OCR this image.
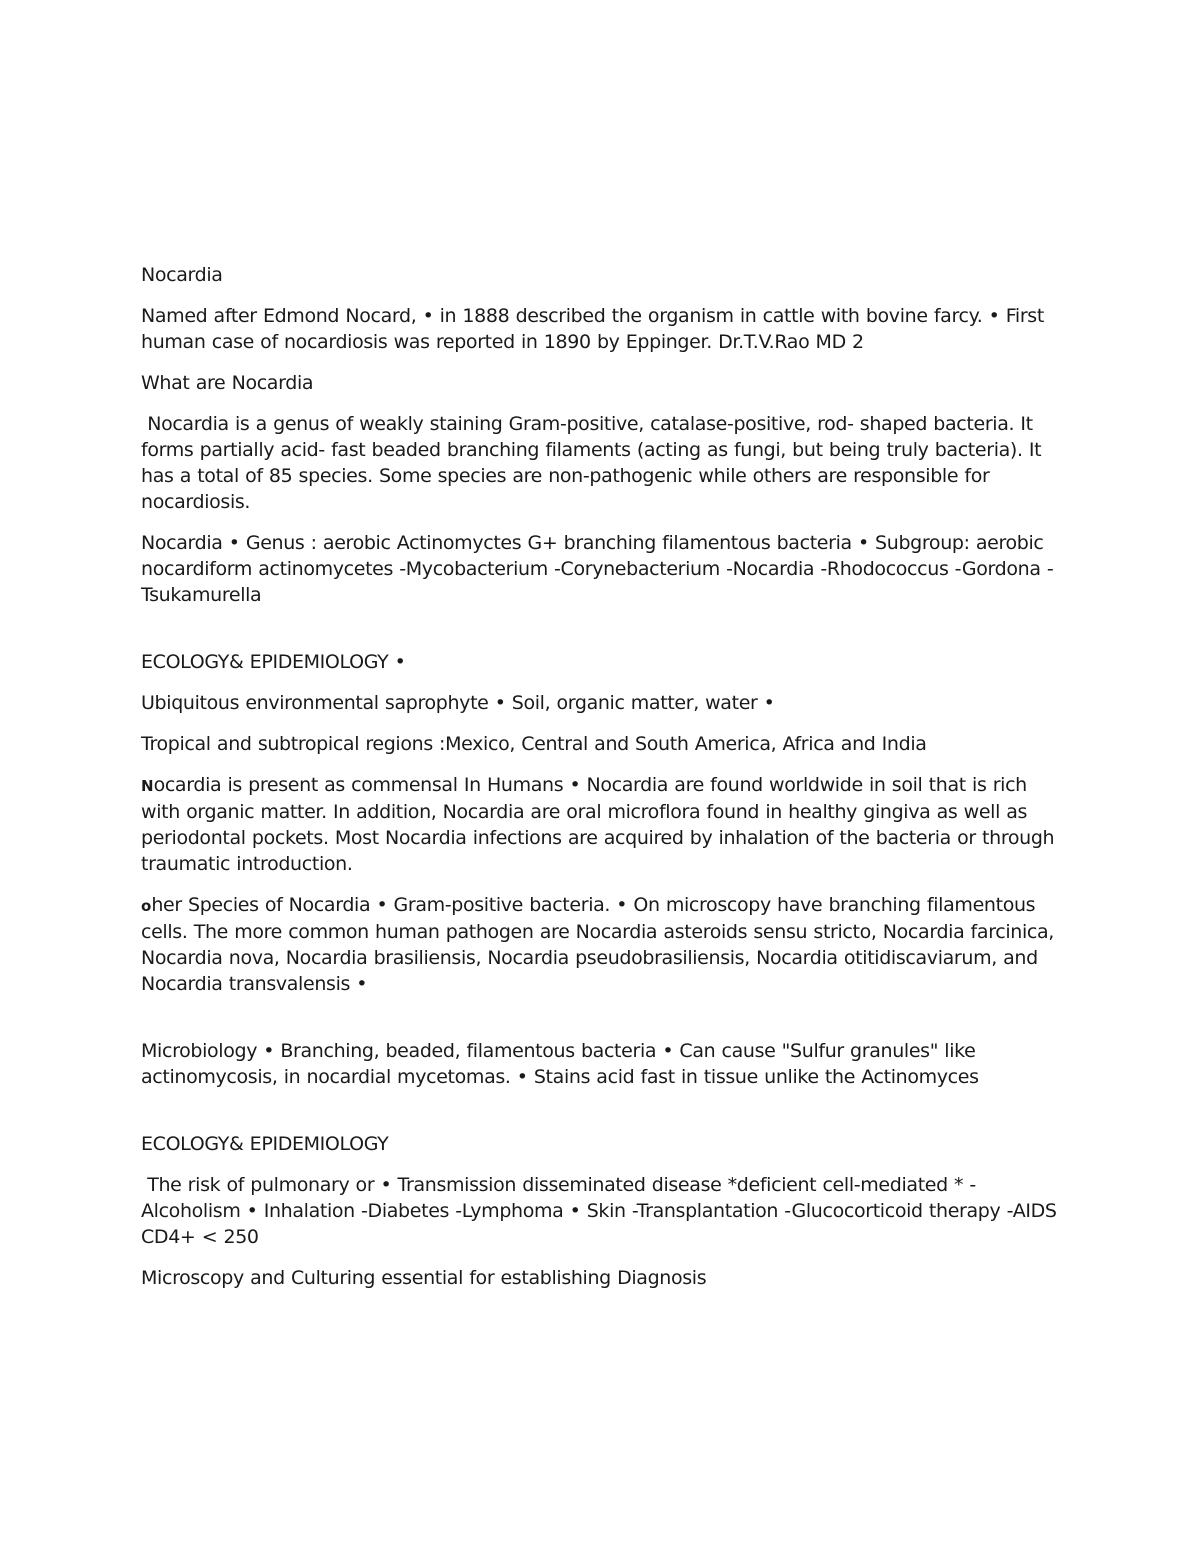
Nocardia

Named after Edmond Nocard, • in 1888 described the organism in cattle with bovine farcy. • First human case of nocardiosis was reported in 1890 by Eppinger. Dr.T.V.Rao MD 2

What are Nocardia

Nocardia is a genus of weakly staining Gram-positive, catalase-positive, rod- shaped bacteria. It forms partially acid- fast beaded branching filaments (acting as fungi, but being truly bacteria). It has a total of 85 species. Some species are non-pathogenic while others are responsible for nocardiosis.

Nocardia • Genus : aerobic Actinomyctes G+ branching filamentous bacteria • Subgroup: aerobic nocardiform actinomycetes -Mycobacterium -Corynebacterium -Nocardia -Rhodococcus -Gordona -Tsukamurella

ECOLOGY& EPIDEMIOLOGY •

Ubiquitous environmental saprophyte • Soil, organic matter, water •

Tropical and subtropical regions :Mexico, Central and South America, Africa and India

Nocardia is present as commensal In Humans • Nocardia are found worldwide in soil that is rich with organic matter. In addition, Nocardia are oral microflora found in healthy gingiva as well as periodontal pockets. Most Nocardia infections are acquired by inhalation of the bacteria or through traumatic introduction.

oher Species of Nocardia • Gram-positive bacteria. • On microscopy have branching filamentous cells. The more common human pathogen are Nocardia asteroids sensu stricto, Nocardia farcinica, Nocardia nova, Nocardia brasiliensis, Nocardia pseudobrasiliensis, Nocardia otitidiscaviarum, and Nocardia transvalensis •

Microbiology • Branching, beaded, filamentous bacteria • Can cause "Sulfur granules" like actinomycosis, in nocardial mycetomas. • Stains acid fast in tissue unlike the Actinomyces

ECOLOGY& EPIDEMIOLOGY

The risk of pulmonary or • Transmission disseminated disease *deficient cell-mediated * -Alcoholism • Inhalation -Diabetes -Lymphoma • Skin -Transplantation -Glucocorticoid therapy -AIDS CD4+ < 250

Microscopy and Culturing essential for establishing Diagnosis
